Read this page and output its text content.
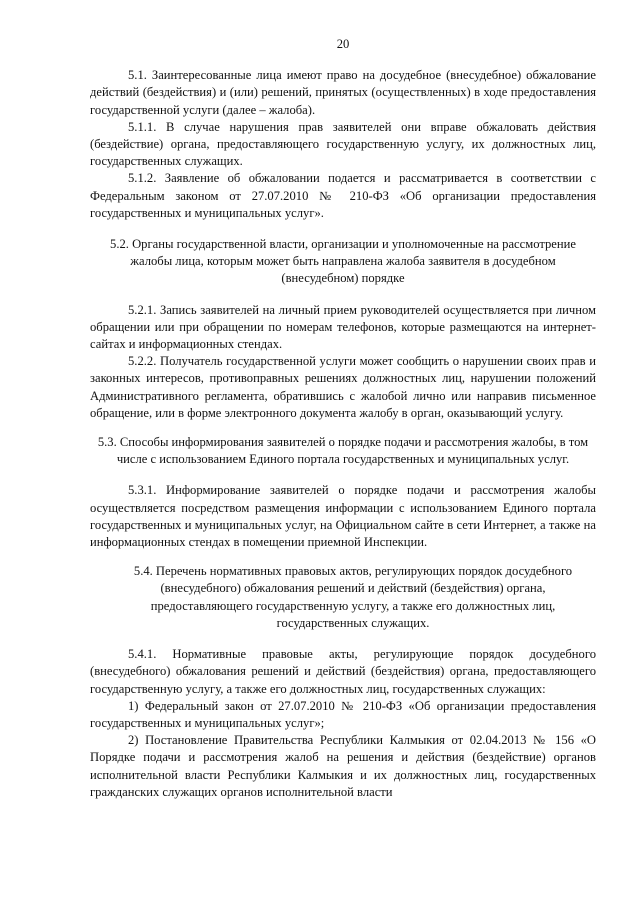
20

5.1. Заинтересованные лица имеют право на досудебное (внесудебное) обжалование действий (бездействия) и (или) решений, принятых (осуществленных) в ходе предоставления государственной услуги (далее – жалоба).

5.1.1. В случае нарушения прав заявителей они вправе обжаловать действия (бездействие) органа, предоставляющего государственную услугу, их должностных лиц, государственных служащих.

5.1.2. Заявление об обжаловании подается и рассматривается в соответствии с Федеральным законом от 27.07.2010 № 210-ФЗ «Об организации предоставления государственных и муниципальных услуг».

5.2. Органы государственной власти, организации и уполномоченные на рассмотрение жалобы лица, которым может быть направлена жалоба заявителя в досудебном (внесудебном) порядке

5.2.1. Запись заявителей на личный прием руководителей осуществляется при личном обращении или при обращении по номерам телефонов, которые размещаются на интернет-сайтах и информационных стендах.

5.2.2. Получатель государственной услуги может сообщить о нарушении своих прав и законных интересов, противоправных решениях должностных лиц, нарушении положений Административного регламента, обратившись с жалобой лично или направив письменное обращение, или в форме электронного документа жалобу в орган, оказывающий услугу.

5.3. Способы информирования заявителей о порядке подачи и рассмотрения жалобы, в том числе с использованием Единого портала государственных и муниципальных услуг.

5.3.1. Информирование заявителей о порядке подачи и рассмотрения жалобы осуществляется посредством размещения информации с использованием Единого портала государственных и муниципальных услуг, на Официальном сайте в сети Интернет, а также на информационных стендах в помещении приемной Инспекции.

5.4. Перечень нормативных правовых актов, регулирующих порядок досудебного (внесудебного) обжалования решений и действий (бездействия) органа, предоставляющего государственную услугу, а также его должностных лиц, государственных служащих.

5.4.1. Нормативные правовые акты, регулирующие порядок досудебного (внесудебного) обжалования решений и действий (бездействия) органа, предоставляющего государственную услугу, а также его должностных лиц, государственных служащих:

1) Федеральный закон от 27.07.2010 № 210-ФЗ «Об организации предоставления государственных и муниципальных услуг»;

2) Постановление Правительства Республики Калмыкия от 02.04.2013 № 156 «О Порядке подачи и рассмотрения жалоб на решения и действия (бездействие) органов исполнительной власти Республики Калмыкия и их должностных лиц, государственных гражданских служащих органов исполнительной власти
